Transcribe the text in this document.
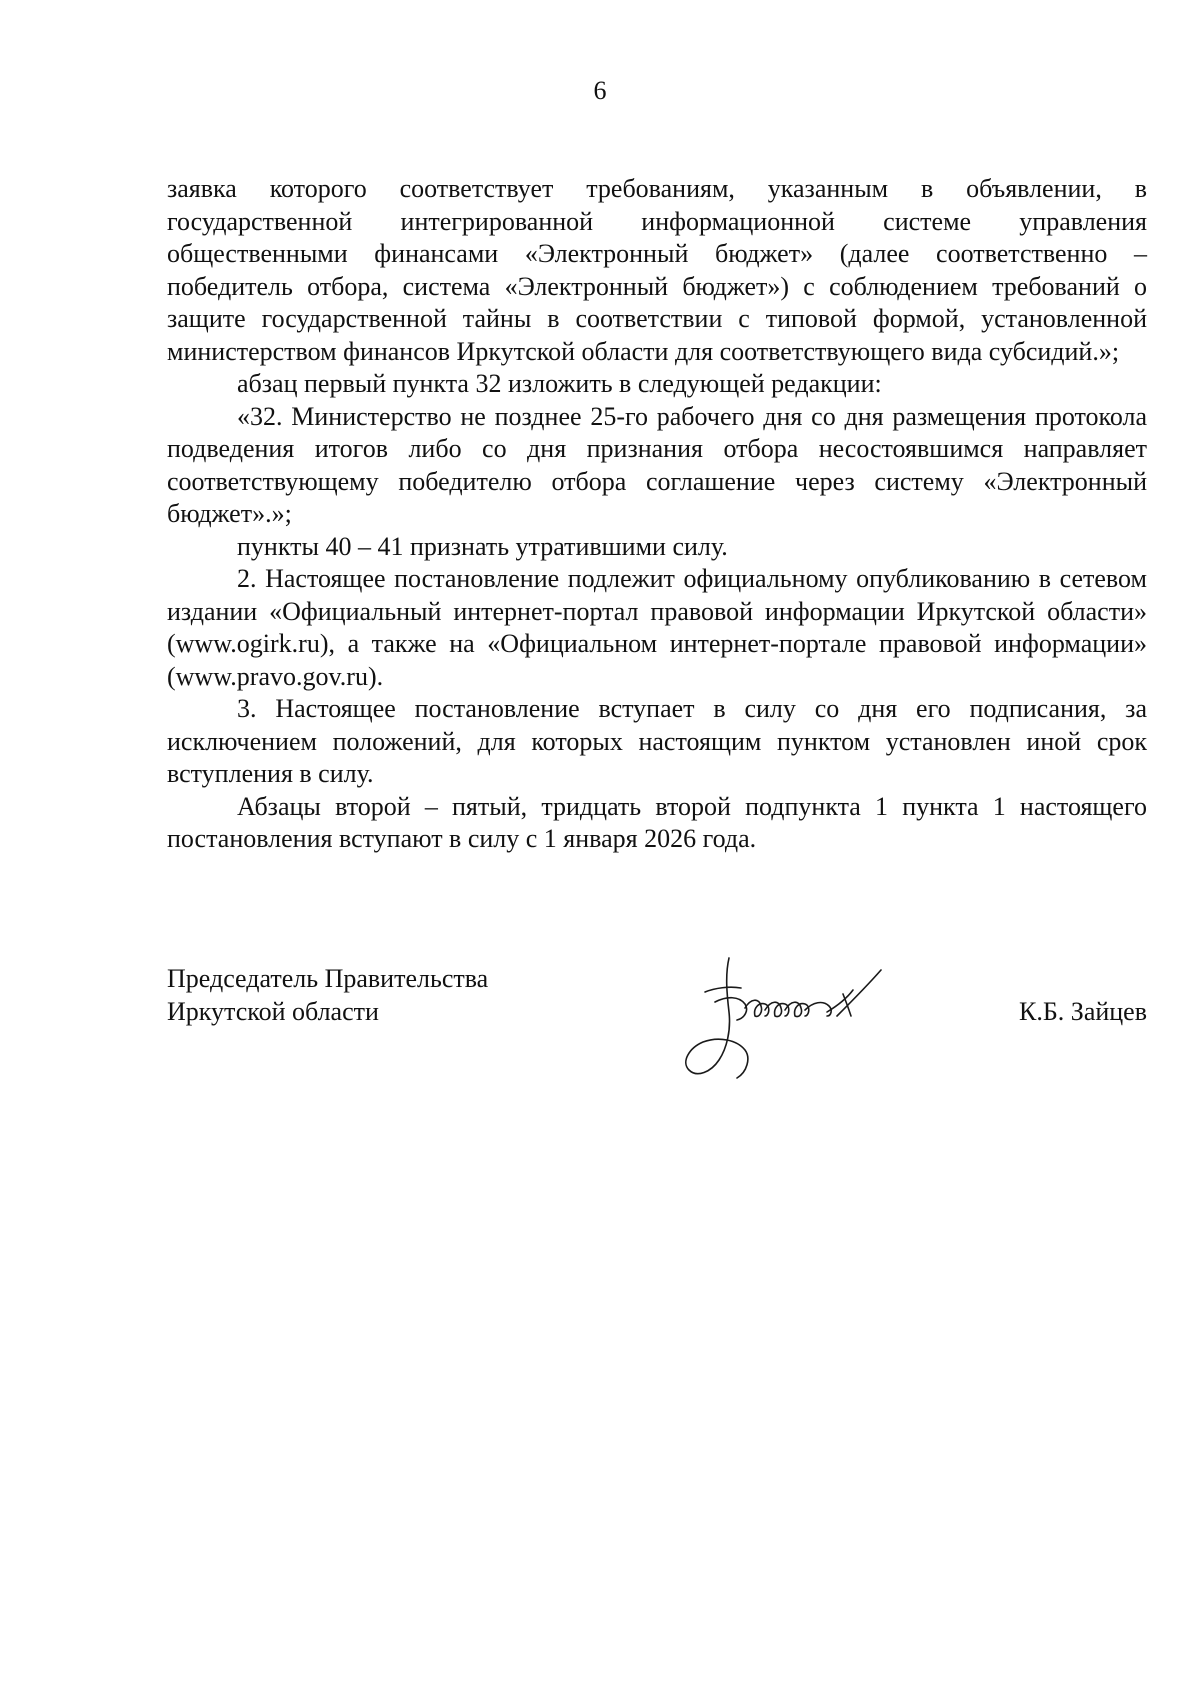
6

заявка которого соответствует требованиям, указанным в объявлении, в государственной интегрированной информационной системе управления общественными финансами «Электронный бюджет» (далее соответственно – победитель отбора, система «Электронный бюджет») с соблюдением требований о защите государственной тайны в соответствии с типовой формой, установленной министерством финансов Иркутской области для соответствующего вида субсидий.»;

абзац первый пункта 32 изложить в следующей редакции:

«32. Министерство не позднее 25-го рабочего дня со дня размещения протокола подведения итогов либо со дня признания отбора несостоявшимся направляет соответствующему победителю отбора соглашение через систему «Электронный бюджет».»;

пункты 40 – 41 признать утратившими силу.

2. Настоящее постановление подлежит официальному опубликованию в сетевом издании «Официальный интернет-портал правовой информации Иркутской области» (www.ogirk.ru), а также на «Официальном интернет-портале правовой информации» (www.pravo.gov.ru).

3. Настоящее постановление вступает в силу со дня его подписания, за исключением положений, для которых настоящим пунктом установлен иной срок вступления в силу.

Абзацы второй – пятый, тридцать второй подпункта 1 пункта 1 настоящего постановления вступают в силу с 1 января 2026 года.

Председатель Правительства
Иркутской области	К.Б. Зайцев
